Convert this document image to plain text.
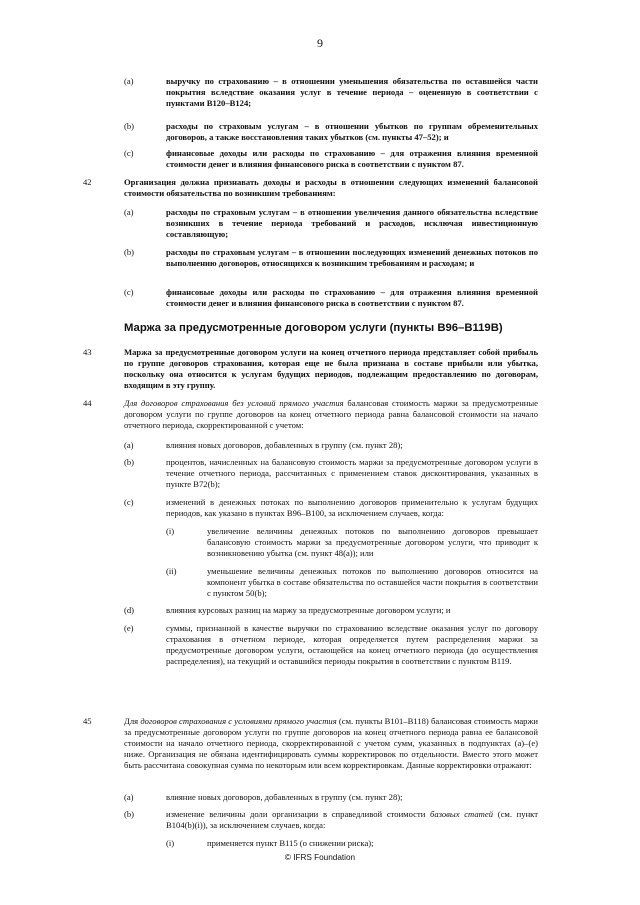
9
(a)	выручку по страхованию – в отношении уменьшения обязательства по оставшейся части покрытия вследствие оказания услуг в течение периода – оцененную в соответствии с пунктами B120–B124;
(b)	расходы по страховым услугам – в отношении убытков по группам обременительных договоров, а также восстановления таких убытков (см. пункты 47–52); и
(c)	финансовые доходы или расходы по страхованию – для отражения влияния временной стоимости денег и влияния финансового риска в соответствии с пунктом 87.
42	Организация должна признавать доходы и расходы в отношении следующих изменений балансовой стоимости обязательства по возникшим требованиям:
(a)	расходы по страховым услугам – в отношении увеличения данного обязательства вследствие возникших в течение периода требований и расходов, исключая инвестиционную составляющую;
(b)	расходы по страховым услугам – в отношении последующих изменений денежных потоков по выполнению договоров, относящихся к возникшим требованиям и расходам; и
(c)	финансовые доходы или расходы по страхованию – для отражения влияния временной стоимости денег и влияния финансового риска в соответствии с пунктом 87.
Маржа за предусмотренные договором услуги (пункты B96–B119B)
43	Маржа за предусмотренные договором услуги на конец отчетного периода представляет собой прибыль по группе договоров страхования, которая еще не была признана в составе прибыли или убытка, поскольку она относится к услугам будущих периодов, подлежащим предоставлению по договорам, входящим в эту группу.
44	Для договоров страхования без условий прямого участия балансовая стоимость маржи за предусмотренные договором услуги по группе договоров на конец отчетного периода равна балансовой стоимости на начало отчетного периода, скорректированной с учетом:
(a)	влияния новых договоров, добавленных в группу (см. пункт 28);
(b)	процентов, начисленных на балансовую стоимость маржи за предусмотренные договором услуги в течение отчетного периода, рассчитанных с применением ставок дисконтирования, указанных в пункте B72(b);
(c)	изменений в денежных потоках по выполнению договоров применительно к услугам будущих периодов, как указано в пунктах B96–B100, за исключением случаев, когда:
(i)	увеличение величины денежных потоков по выполнению договоров превышает балансовую стоимость маржи за предусмотренные договором услуги, что приводит к возникновению убытка (см. пункт 48(a)); или
(ii)	уменьшение величины денежных потоков по выполнению договоров относится на компонент убытка в составе обязательства по оставшейся части покрытия в соответствии с пунктом 50(b);
(d)	влияния курсовых разниц на маржу за предусмотренные договором услуги; и
(e)	суммы, признанной в качестве выручки по страхованию вследствие оказания услуг по договору страхования в отчетном периоде, которая определяется путем распределения маржи за предусмотренные договором услуги, остающейся на конец отчетного периода (до осуществления распределения), на текущий и оставшийся периоды покрытия в соответствии с пунктом B119.
45	Для договоров страхования с условиями прямого участия (см. пункты B101–B118) балансовая стоимость маржи за предусмотренные договором услуги по группе договоров на конец отчетного периода равна ее балансовой стоимости на начало отчетного периода, скорректированной с учетом сумм, указанных в подпунктах (a)–(e) ниже. Организация не обязана идентифицировать суммы корректировок по отдельности. Вместо этого может быть рассчитана совокупная сумма по некоторым или всем корректировкам. Данные корректировки отражают:
(a)	влияние новых договоров, добавленных в группу (см. пункт 28);
(b)	изменение величины доли организации в справедливой стоимости базовых статей (см. пункт B104(b)(i)), за исключением случаев, когда:
(i)	применяется пункт B115 (о снижении риска);
© IFRS Foundation
